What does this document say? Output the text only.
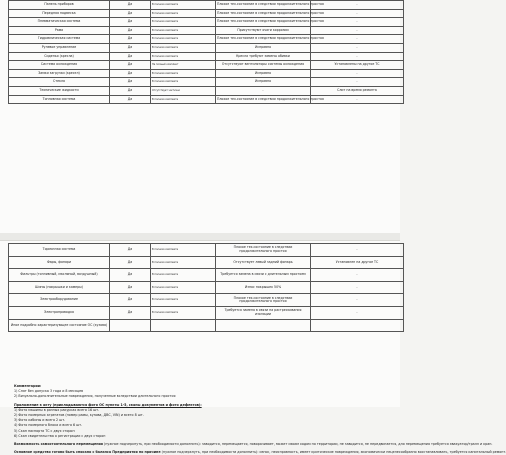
Панель приборов	Да	В полном комплекте	Плохое тех.состояние в следствии продолжительного простоя	-
Передняя подвеска	Да	В полном комплекте	Плохое тех.состояние в следствии продолжительного простоя	-
Пневматическая система	Да	В полном комплекте	Плохое тех.состояние в следствии продолжительного простоя	-
Рама	Да	В полном комплекте	Присутствуют очаги коррозии	-
Гидравлическая система	Да	В полном комплекте	Плохое тех.состояние в следствии продолжительного простоя	-
Рулевое управление	Да	В полном комплекте	Исправно	-
Сиденья (кресла)	Да	В полном комплекте	Кресла требуют замены обивки	-
Система охлаждения	Да	Не полный комплект	Отсутствуют вентиляторы системы охлаждения	Установлены на другое ТС
Замки загрузки (кресел)	Да	В полном комплекте	Исправно	-
Стекла	Да	В полном комплекте	Исправно	-
Технические жидкости	Да	Отсутствует частично	-	Слит на время ремонта
Топливная система	Да	В полном комплекте	Плохое тех.состояние в следствии продолжительного простоя	-
Тормозная система	Да	В полном комплекте	Плохое тех.состояние в следствии продолжительного простоя	-
Фары, фонари	Да	В полном комплекте	Отсутствует левый задний фонарь	Установлен на другое ТС
Фильтры (топливный, масляный, воздушный)	Да	В полном комплекте	Требуется замена в связи с длительным простоем	-
Шины (покрышки и камеры)	Да	В полном комплекте	Износ покрышек 50%	-
Электрооборудование	Да	В полном комплекте	Плохое тех.состояние в следствии продолжительного простоя	-
Электропроводка	Да	В полном комплекте	Требуется замена в связи на растрескивания изоляции	-
Иное подробно характеризующее состояние ОС (кузова)				
Комментарии:
1) Снят без допуска 3 года и 8 месяцев
2) Визуально-дополнительные повреждения, полученные вследствии длительного простоя
Приложение к акту (прикладываются фото ОС пункты 1-5, сканы документов и фото дефектов):
1) Фото машины в разных ракурсах всего 16 шт.
2) Фото номерных агрегатов (номер рамы, кузова, ДВС, VIN) и всего 8 шт.
3) Фото кабины и всего 2 шт.
4) Фото номерного блока и всего 6 шт.
5) Скан паспорта ТС с двух сторон
6) Скан свидетельства о регистрации с двух сторон
Возможность самостоятельного перемещения (нужное подчеркнуть, при необходимости дополнить): заводится, перемещается, поворачивает, может своим ходом по территории, не заводится, не передвигается, для перемещения требуется эвакуатор/тралл и кран.
Основное средство готово быть списано с баланса Предприятия по причине (нужное подчеркнуть, при необходимости дополнить): износ, неисправность, имеет критические повреждения, экономически нецелесообразно восстанавливать, требуется капитальный ремонт.
